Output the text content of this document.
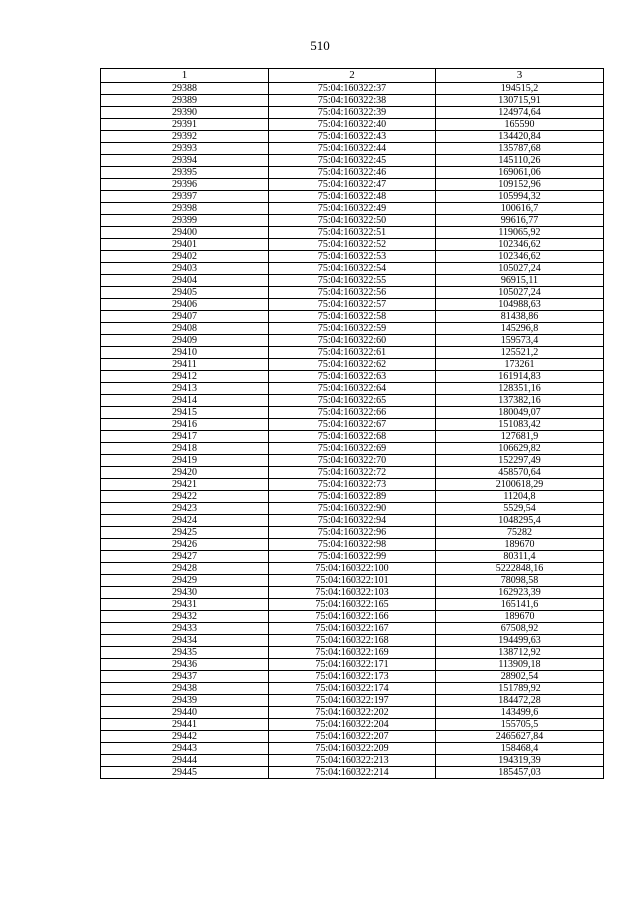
510
1	2	3
29388	75:04:160322:37	194515,2
29389	75:04:160322:38	130715,91
29390	75:04:160322:39	124974,64
29391	75:04:160322:40	165590
29392	75:04:160322:43	134420,84
29393	75:04:160322:44	135787,68
29394	75:04:160322:45	145110,26
29395	75:04:160322:46	169061,06
29396	75:04:160322:47	109152,96
29397	75:04:160322:48	105994,32
29398	75:04:160322:49	100616,7
29399	75:04:160322:50	99616,77
29400	75:04:160322:51	119065,92
29401	75:04:160322:52	102346,62
29402	75:04:160322:53	102346,62
29403	75:04:160322:54	105027,24
29404	75:04:160322:55	96915,11
29405	75:04:160322:56	105027,24
29406	75:04:160322:57	104988,63
29407	75:04:160322:58	81438,86
29408	75:04:160322:59	145296,8
29409	75:04:160322:60	159573,4
29410	75:04:160322:61	125521,2
29411	75:04:160322:62	173261
29412	75:04:160322:63	161914,83
29413	75:04:160322:64	128351,16
29414	75:04:160322:65	137382,16
29415	75:04:160322:66	180049,07
29416	75:04:160322:67	151083,42
29417	75:04:160322:68	127681,9
29418	75:04:160322:69	106629,82
29419	75:04:160322:70	152297,49
29420	75:04:160322:72	458570,64
29421	75:04:160322:73	2100618,29
29422	75:04:160322:89	11204,8
29423	75:04:160322:90	5529,54
29424	75:04:160322:94	1048295,4
29425	75:04:160322:96	75282
29426	75:04:160322:98	189670
29427	75:04:160322:99	80311,4
29428	75:04:160322:100	5222848,16
29429	75:04:160322:101	78098,58
29430	75:04:160322:103	162923,39
29431	75:04:160322:165	165141,6
29432	75:04:160322:166	189670
29433	75:04:160322:167	67508,92
29434	75:04:160322:168	194499,63
29435	75:04:160322:169	138712,92
29436	75:04:160322:171	113909,18
29437	75:04:160322:173	28902,54
29438	75:04:160322:174	151789,92
29439	75:04:160322:197	184472,28
29440	75:04:160322:202	143499,6
29441	75:04:160322:204	155705,5
29442	75:04:160322:207	2465627,84
29443	75:04:160322:209	158468,4
29444	75:04:160322:213	194319,39
29445	75:04:160322:214	185457,03
